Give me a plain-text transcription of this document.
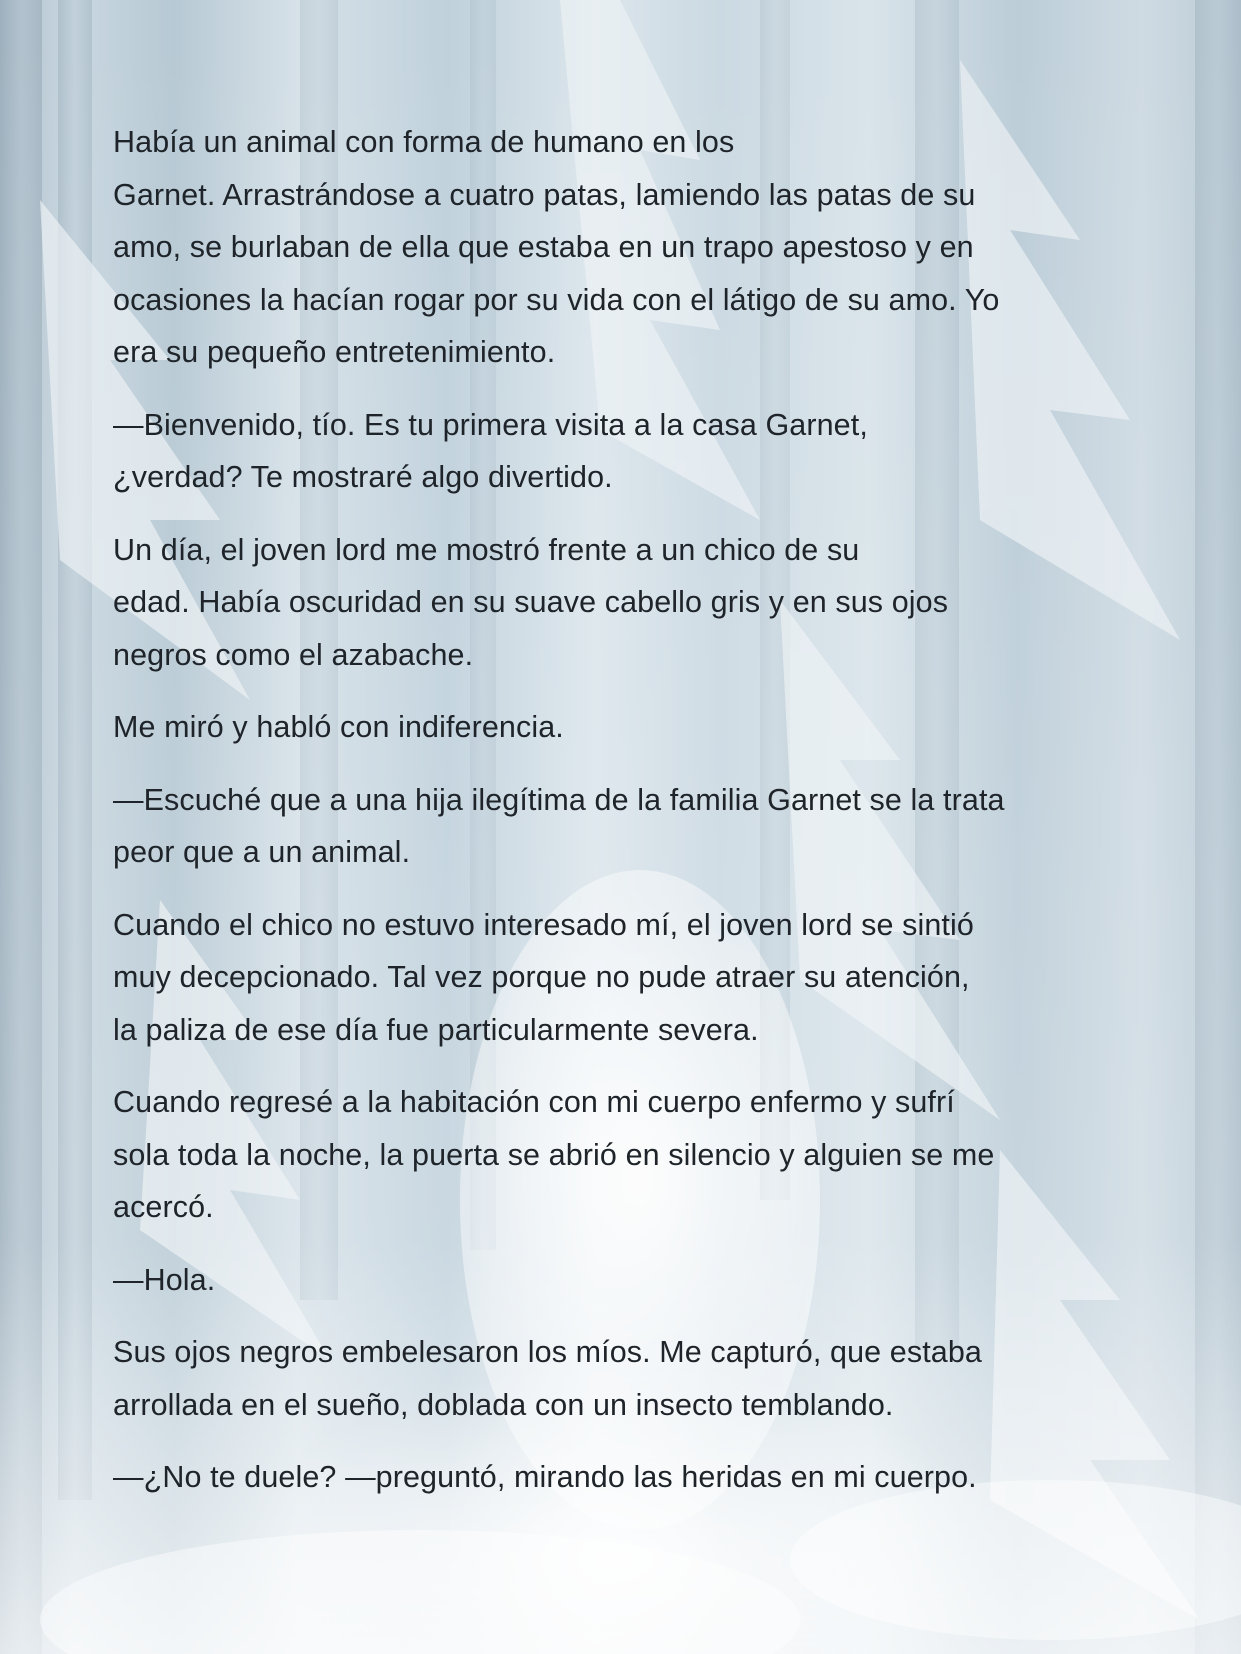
Había un animal con forma de humano en los
Garnet. Arrastrándose a cuatro patas, lamiendo las patas de su
amo, se burlaban de ella que estaba en un trapo apestoso y en
ocasiones la hacían rogar por su vida con el látigo de su amo. Yo
era su pequeño entretenimiento.

—Bienvenido, tío. Es tu primera visita a la casa Garnet,
¿verdad? Te mostraré algo divertido.

Un día, el joven lord me mostró frente a un chico de su
edad. Había oscuridad en su suave cabello gris y en sus ojos
negros como el azabache.

Me miró y habló con indiferencia.

—Escuché que a una hija ilegítima de la familia Garnet se la trata
peor que a un animal.

Cuando el chico no estuvo interesado mí, el joven lord se sintió
muy decepcionado. Tal vez porque no pude atraer su atención,
la paliza de ese día fue particularmente severa.

Cuando regresé a la habitación con mi cuerpo enfermo y sufrí
sola toda la noche, la puerta se abrió en silencio y alguien se me
acercó.

—Hola.

Sus ojos negros embelesaron los míos. Me capturó, que estaba
arrollada en el sueño, doblada con un insecto temblando.

—¿No te duele? —preguntó, mirando las heridas en mi cuerpo.
